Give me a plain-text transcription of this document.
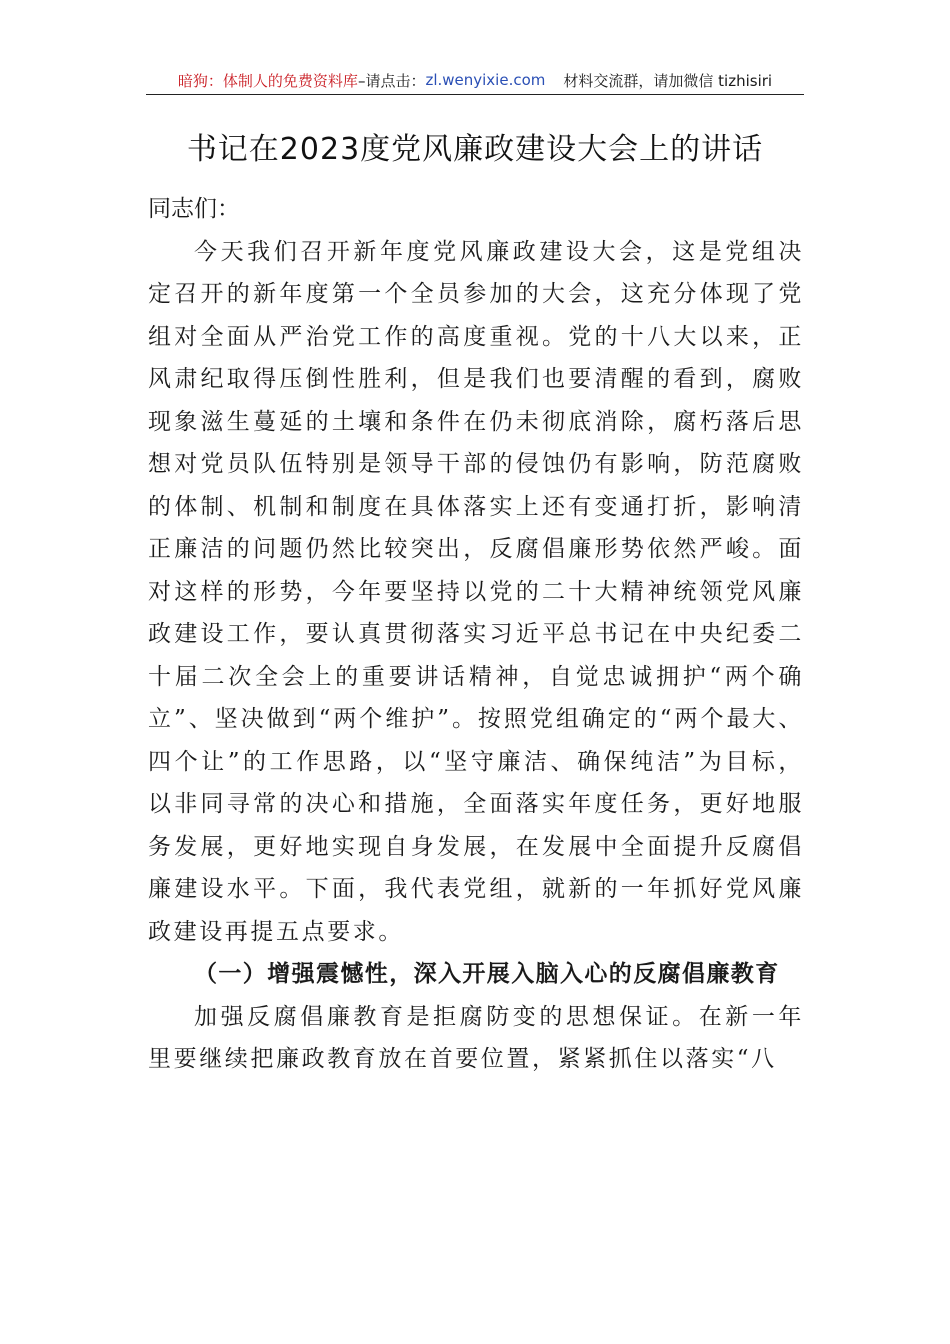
暗狗：体制人的免费资料库 –请点击： zl.wenyixie.com 材料交流群，请加微信 tizhisiri
书记在2023度党风廉政建设大会上的讲话

同志们：

今天我们召开新年度党风廉政建设大会，这是党组决定召开的新年度第一个全员参加的大会，这充分体现了党组对全面从严治党工作的高度重视。党的十八大以来，正风肃纪取得压倒性胜利，但是我们也要清醒的看到，腐败现象滋生蔓延的土壤和条件在仍未彻底消除，腐朽落后思想对党员队伍特别是领导干部的侵蚀仍有影响，防范腐败的体制、机制和制度在具体落实上还有变通打折，影响清正廉洁的问题仍然比较突出，反腐倡廉形势依然严峻。面对这样的形势，今年要坚持以党的二十大精神统领党风廉政建设工作，要认真贯彻落实习近平总书记在中央纪委二十届二次全会上的重要讲话精神，自觉忠诚拥护“两个确立”、坚决做到“两个维护”。按照党组确定的“两个最大、四个让”的工作思路，以“坚守廉洁、确保纯洁”为目标，以非同寻常的决心和措施，全面落实年度任务，更好地服务发展，更好地实现自身发展，在发展中全面提升反腐倡廉建设水平。下面，我代表党组，就新的一年抓好党风廉政建设再提五点要求。

（一）增强震憾性，深入开展入脑入心的反腐倡廉教育

加强反腐倡廉教育是拒腐防变的思想保证。在新一年里要继续把廉政教育放在首要位置，紧紧抓住以落实“八
